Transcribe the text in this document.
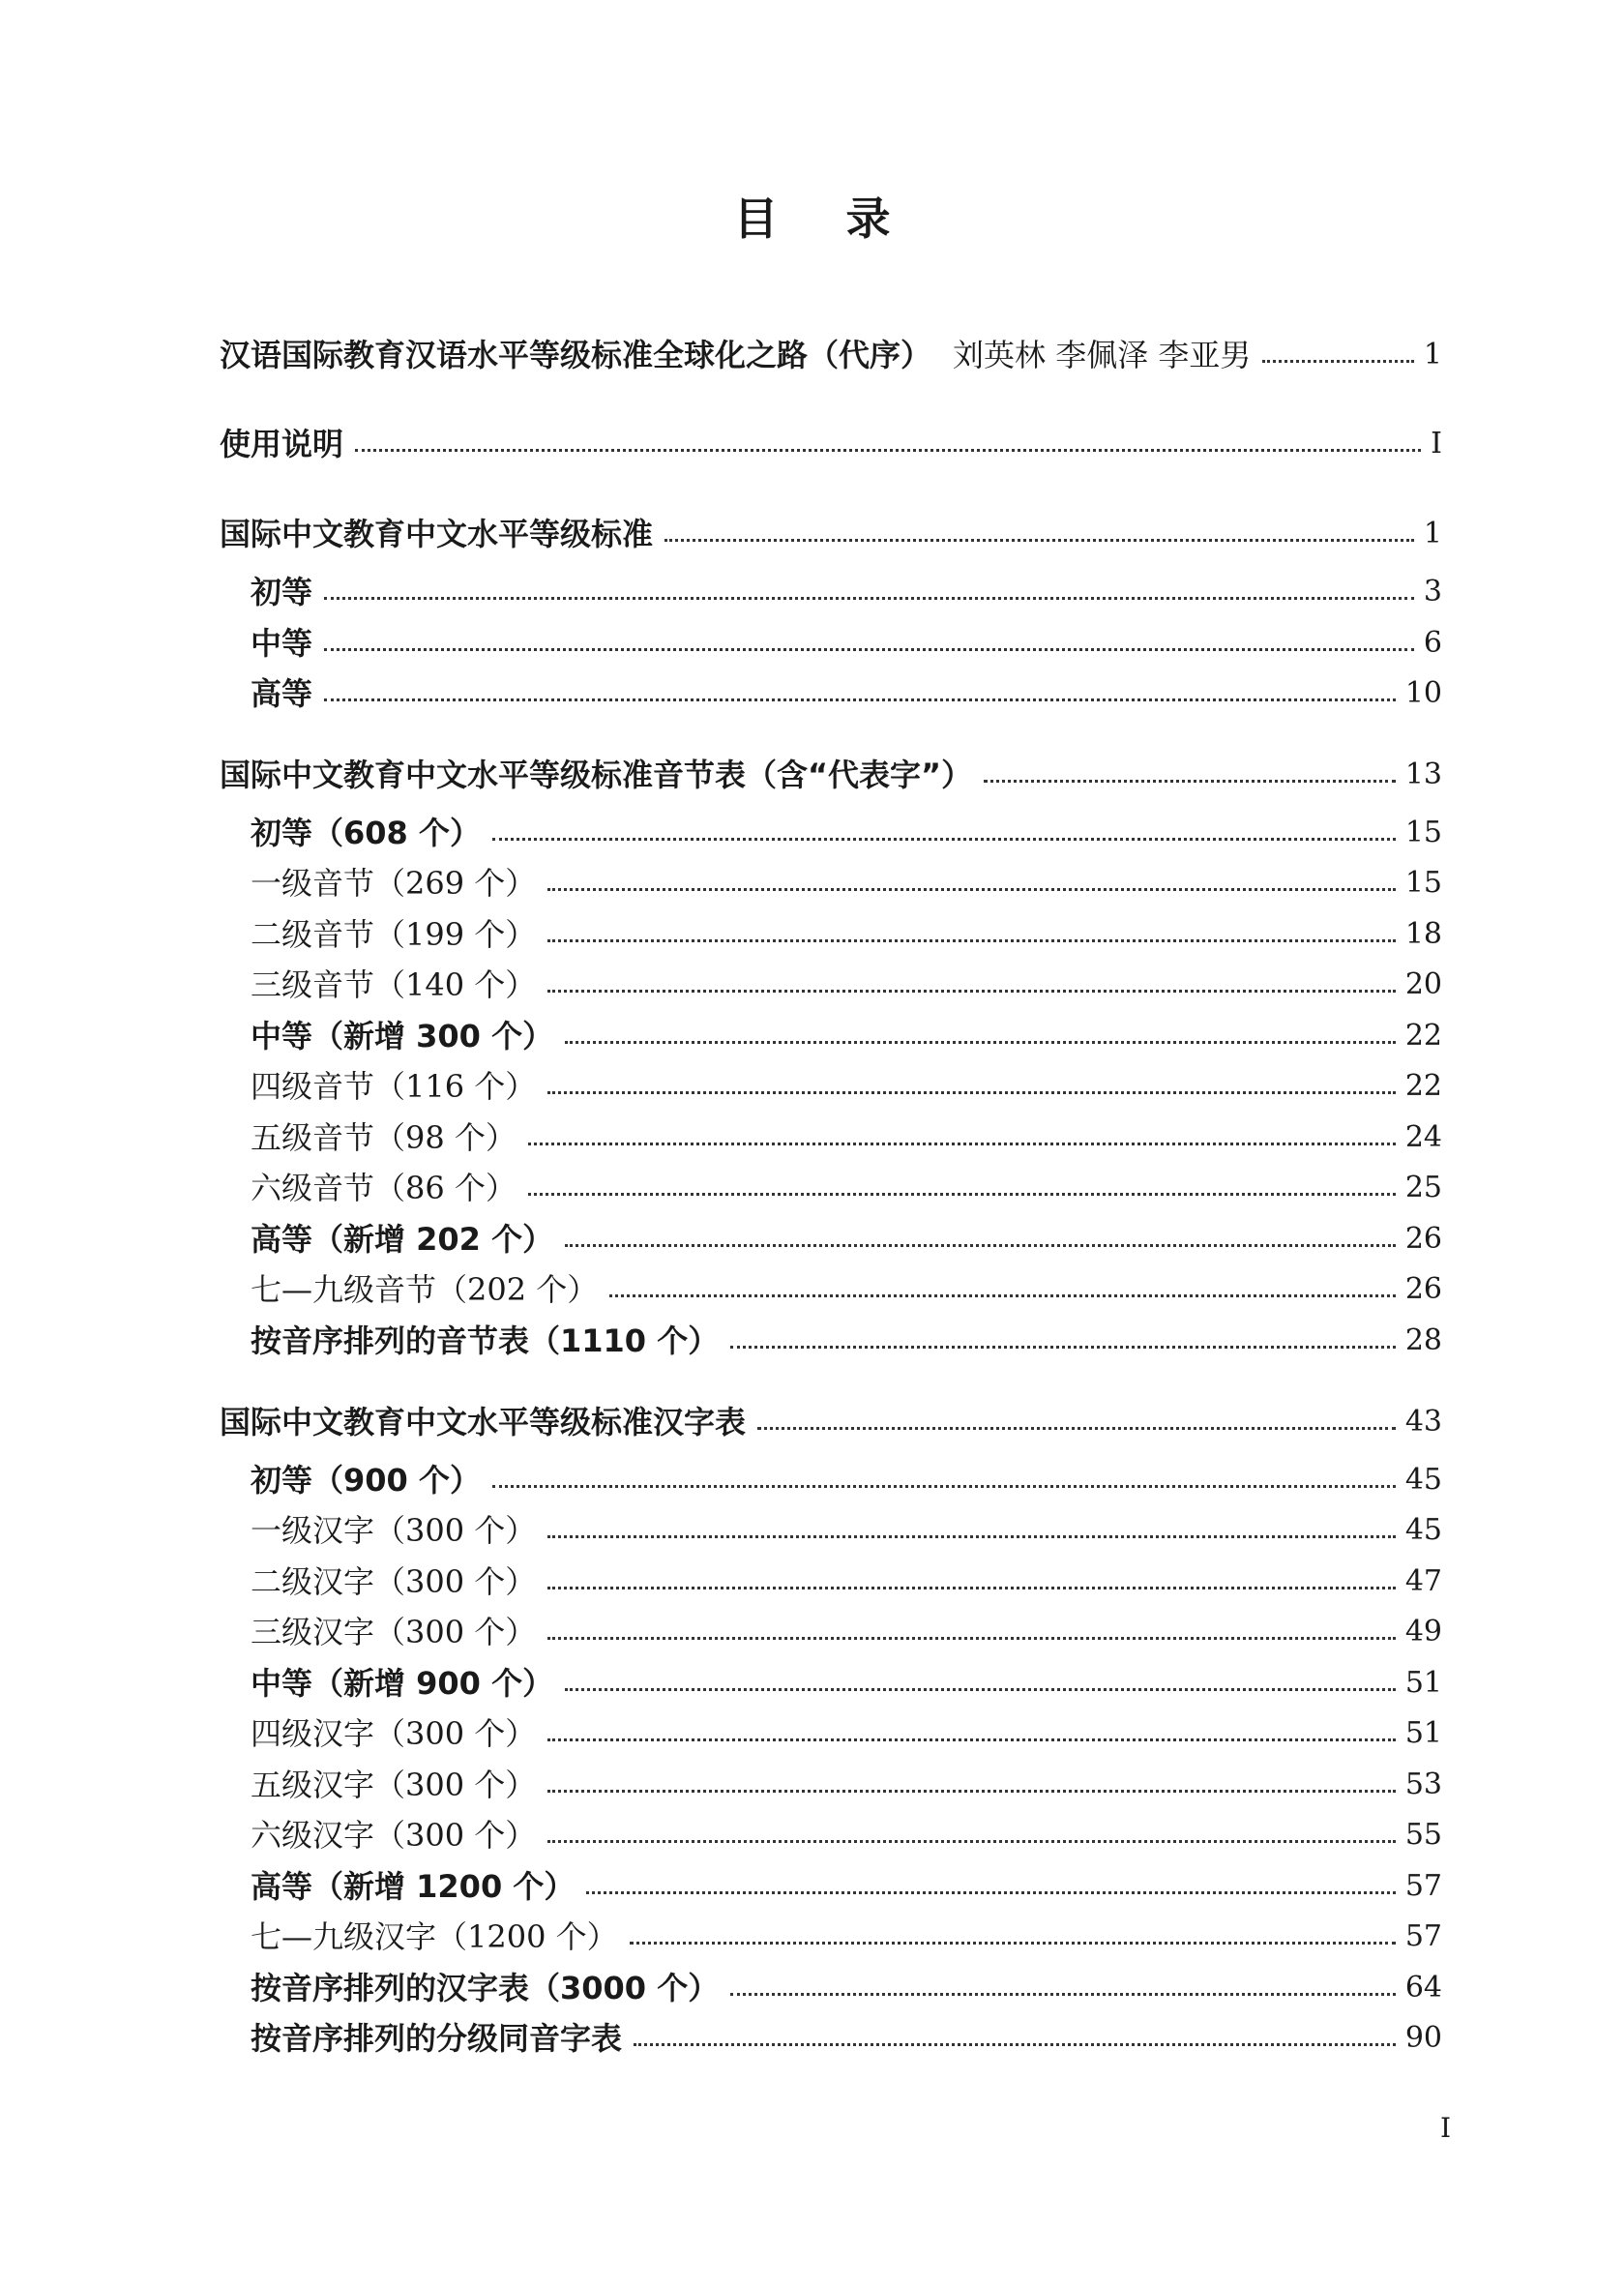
目 录
汉语国际教育汉语水平等级标准全球化之路（代序） 刘英林 李佩泽 李亚男	1
使用说明	I
国际中文教育中文水平等级标准	1
初等	3
中等	6
高等	10
国际中文教育中文水平等级标准音节表（含“代表字”）	13
初等（608 个）	15
一级音节（269 个）	15
二级音节（199 个）	18
三级音节（140 个）	20
中等（新增 300 个）	22
四级音节（116 个）	22
五级音节（98 个）	24
六级音节（86 个）	25
高等（新增 202 个）	26
七—九级音节（202 个）	26
按音序排列的音节表（1110 个）	28
国际中文教育中文水平等级标准汉字表	43
初等（900 个）	45
一级汉字（300 个）	45
二级汉字（300 个）	47
三级汉字（300 个）	49
中等（新增 900 个）	51
四级汉字（300 个）	51
五级汉字（300 个）	53
六级汉字（300 个）	55
高等（新增 1200 个）	57
七—九级汉字（1200 个）	57
按音序排列的汉字表（3000 个）	64
按音序排列的分级同音字表	90
I
